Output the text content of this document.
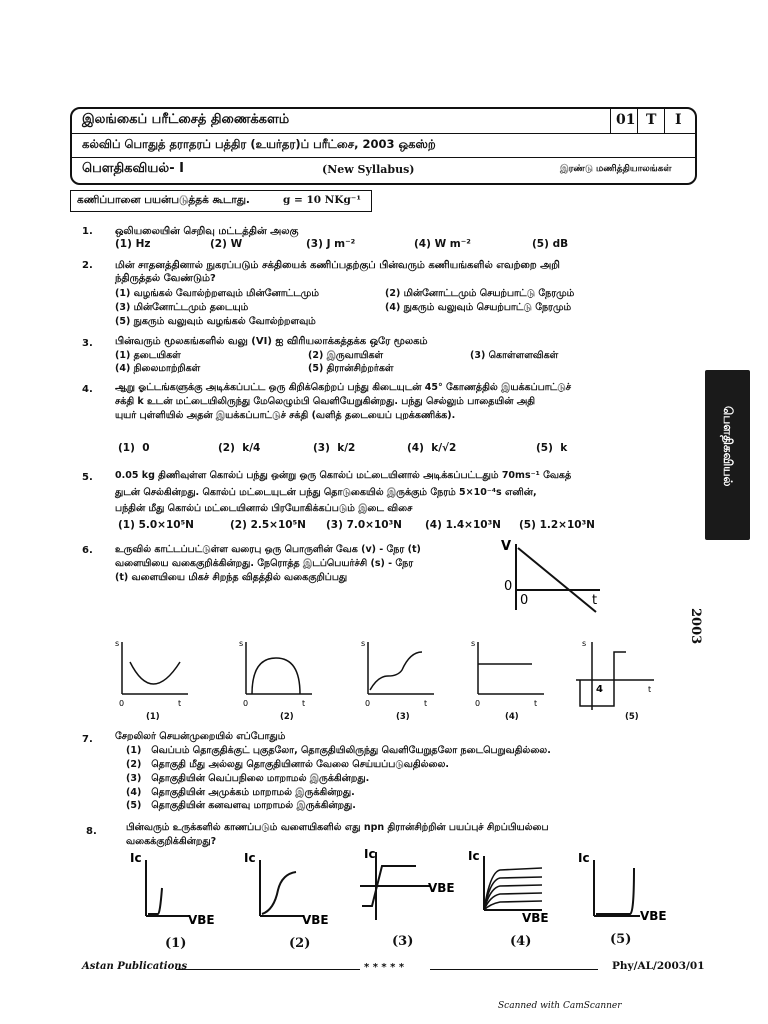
இலங்கைப் பரீட்சைத் திணைக்களம்	01 T I
கல்விப் பொதுத் தராதரப் பத்திர (உயர்தர)ப் பரீட்சை, 2003 ஒகஸ்ற்
பௌதிகவியல்- I	(New Syllabus)	இரண்டு மணித்தியாலங்கள்
கணிப்பானை பயன்படுத்தக் கூடாது.	g = 10 NKg⁻¹
1. ஒலியலையின் செறிவு மட்டத்தின் அலகு
(1) Hz	(2) W	(3) J m⁻²	(4) W m⁻²	(5) dB
2. மின் சாதனத்தினால் நுகரப்படும் சக்தியைக் கணிப்பதற்குப் பின்வரும் கணியங்களில் எவற்றை அறி
ந்திருத்தல் வேண்டும்?
(1) வழங்கல் வோல்ற்றளவும் மின்னோட்டமும்	(2) மின்னோட்டமும் செயற்பாட்டு நேரமும்
(3) மின்னோட்டமும் தடையும்	(4) நுகரும் வலுவும் செயற்பாட்டு நேரமும்
(5) நுகரும் வலுவும் வழங்கல் வோல்ற்றளவும்
3. பின்வரும் மூலகங்களில் வலு (VI) ஐ விரியலாக்கத்தக்க ஒரே மூலகம்
(1) தடையிகள்	(2) இருவாயிகள்	(3) கொள்ளளவிகள்
(4) நிலைமாற்றிகள்	(5) திரான்சிற்றர்கள்
4. ஆறு ஓட்டங்களுக்கு அடிக்கப்பட்ட ஒரு கிறிக்கெற்றப் பந்து கிடையுடன் 45° கோணத்தில் இயக்கப்பாட்டுச்
சக்தி k உடன் மட்டையிலிருந்து மேலெழும்பி வெளியேறுகின்றது. பந்து செல்லும் பாதையின் அதி
யுயர் புள்ளியில் அதன் இயக்கப்பாட்டுச் சக்தி (வளித் தடையைப் புறக்கணிக்க).
(1) 0	(2) k/4	(3) k/2	(4) k/√2	(5) k
5. 0.05 kg திணிவுள்ள கொல்ப் பந்து ஒன்று ஒரு கொல்ப் மட்டையினால் அடிக்கப்பட்டதும் 70ms⁻¹ வேகத்
துடன் செல்கின்றது. கொல்ப் மட்டையுடன் பந்து தொடுகையில் இருக்கும் நேரம் 5×10⁻⁴s எனின்,
பந்தின் மீது கொல்ப் மட்டையினால் பிரயோகிக்கப்படும் இடை விசை
(1) 5.0×10⁵N	(2) 2.5×10⁵N (3) 7.0×10³N (4) 1.4×10³N (5) 1.2×10³N
6. உருவில் காட்டப்பட்டுள்ள வரைபு ஒரு பொருளின் வேக (v) - நேர (t)
வளையியை வகைகுறிக்கின்றது. நேரொத்த இடப்பெயர்ச்சி (s) - நேர
(t) வளையியை மிகச் சிறந்த விதத்தில் வகைகுறிப்பது
V
0
0	t
s
0	t
s
0	t
s
0	t
s
0	t
s
4	t
(1)	(2)	(3)	(4)	(5)
7. சேறலிலர் செயன்முறையில் எப்போதும்
(1) வெப்பம் தொகுதிக்குட் புகுதலோ, தொகுதியிலிருந்து வெளியேறுதலோ நடைபெறுவதில்லை.
(2) தொகுதி மீது அல்லது தொகுதியினால் வேலை செய்யப்படுவதில்லை.
(3) தொகுதியின் வெப்பநிலை மாறாமல் இருக்கின்றது.
(4) தொகுதியின் அமுக்கம் மாறாமல் இருக்கின்றது.
(5) தொகுதியின் கனவளவு மாறாமல் இருக்கின்றது.
8.	பின்வரும் உருக்களில் காணப்படும் வளையிகளில் எது npn திரான்சிற்றின் பயப்புச் சிறப்பியல்பை
வகைக்குறிக்கின்றது?
Ic
VBE
Ic
VBE
Ic
VBE
Ic
VBE
Ic
VBE
(1)	(2)	(3)	(4)	(5)
பௌதிகவியல்
2003
Astan Publications	* * * * *	Phy/AL/2003/01
Scanned with CamScanner
